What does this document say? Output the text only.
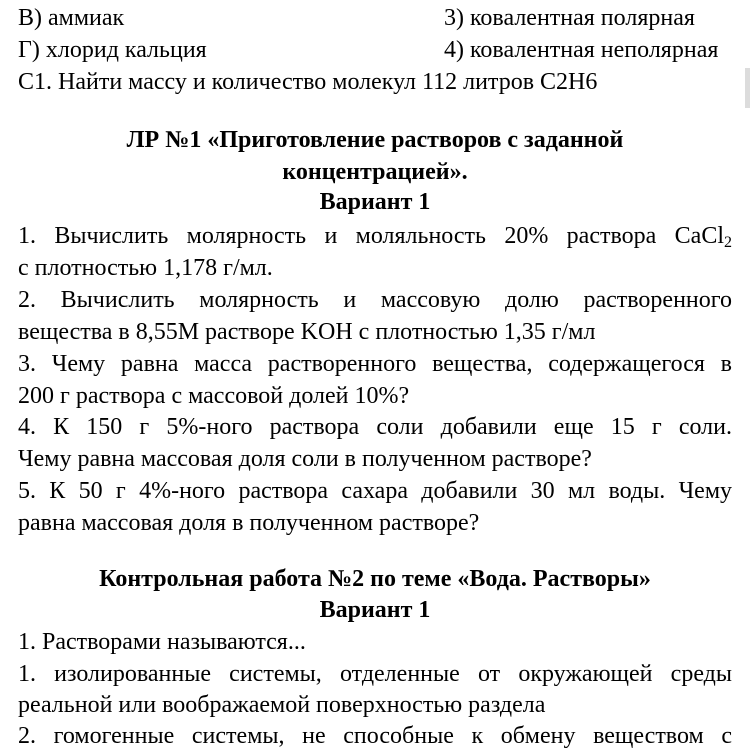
В) аммиак	3) ковалентная полярная
Г) хлорид кальция	4) ковалентная неполярная
С1. Найти массу и количество молекул 112 литров С2Н6
ЛР №1 «Приготовление растворов с заданной
концентрацией».
Вариант 1
1. Вычислить молярность и моляльность 20% раствора CaCl$_2$
с плотностью 1,178 г/мл.
2. Вычислить молярность и массовую долю растворенного
вещества в 8,55М растворе KOH с плотностью 1,35 г/мл
3. Чему равна масса растворенного вещества, содержащегося в
200 г раствора с массовой долей 10%?
4. К 150 г 5%-ного раствора соли добавили еще 15 г соли.
Чему равна массовая доля соли в полученном растворе?
5. К 50 г 4%-ного раствора сахара добавили 30 мл воды. Чему
равна массовая доля в полученном растворе?
Контрольная работа №2 по теме «Вода. Растворы»
Вариант 1
1. Растворами называются...
1. изолированные системы, отделенные от окружающей среды
реальной или воображаемой поверхностью раздела
2. гомогенные системы, не способные к обмену веществом с
